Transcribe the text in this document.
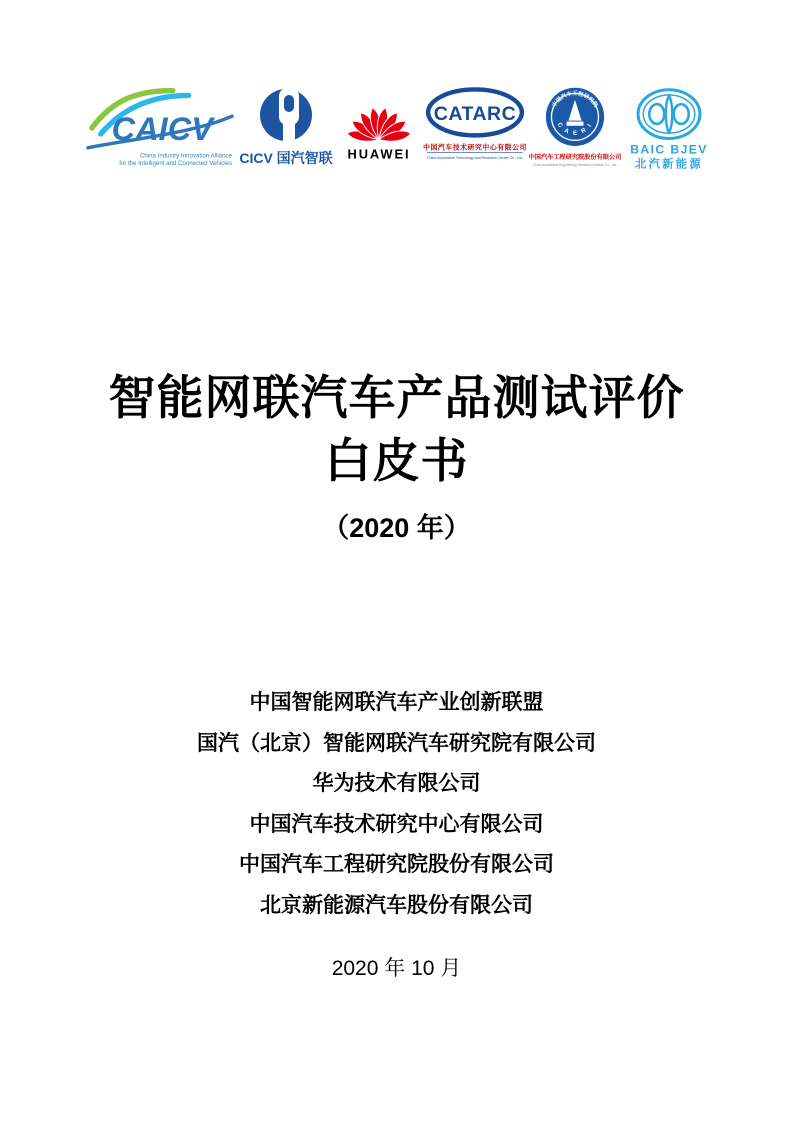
CAICV
China Industry Innovation Alliance
for the Intelligent and Connected Vehicles CICV 国汽智联 HUAWEI
CATARC
中国汽车技术研究中心有限公司
China Automotive Technology and Research Center Co., Ltd.
中国汽车工程研究院
C A E R I
中国汽车工程研究院股份有限公司
China Automotive Engineering Research Institute Co., Ltd.
BAIC BJEV
北汽新能源
智能网联汽车产品测试评价
白皮书
（2020 年）
中国智能网联汽车产业创新联盟
国汽（北京）智能网联汽车研究院有限公司
华为技术有限公司
中国汽车技术研究中心有限公司
中国汽车工程研究院股份有限公司
北京新能源汽车股份有限公司
2020 年 10 月
